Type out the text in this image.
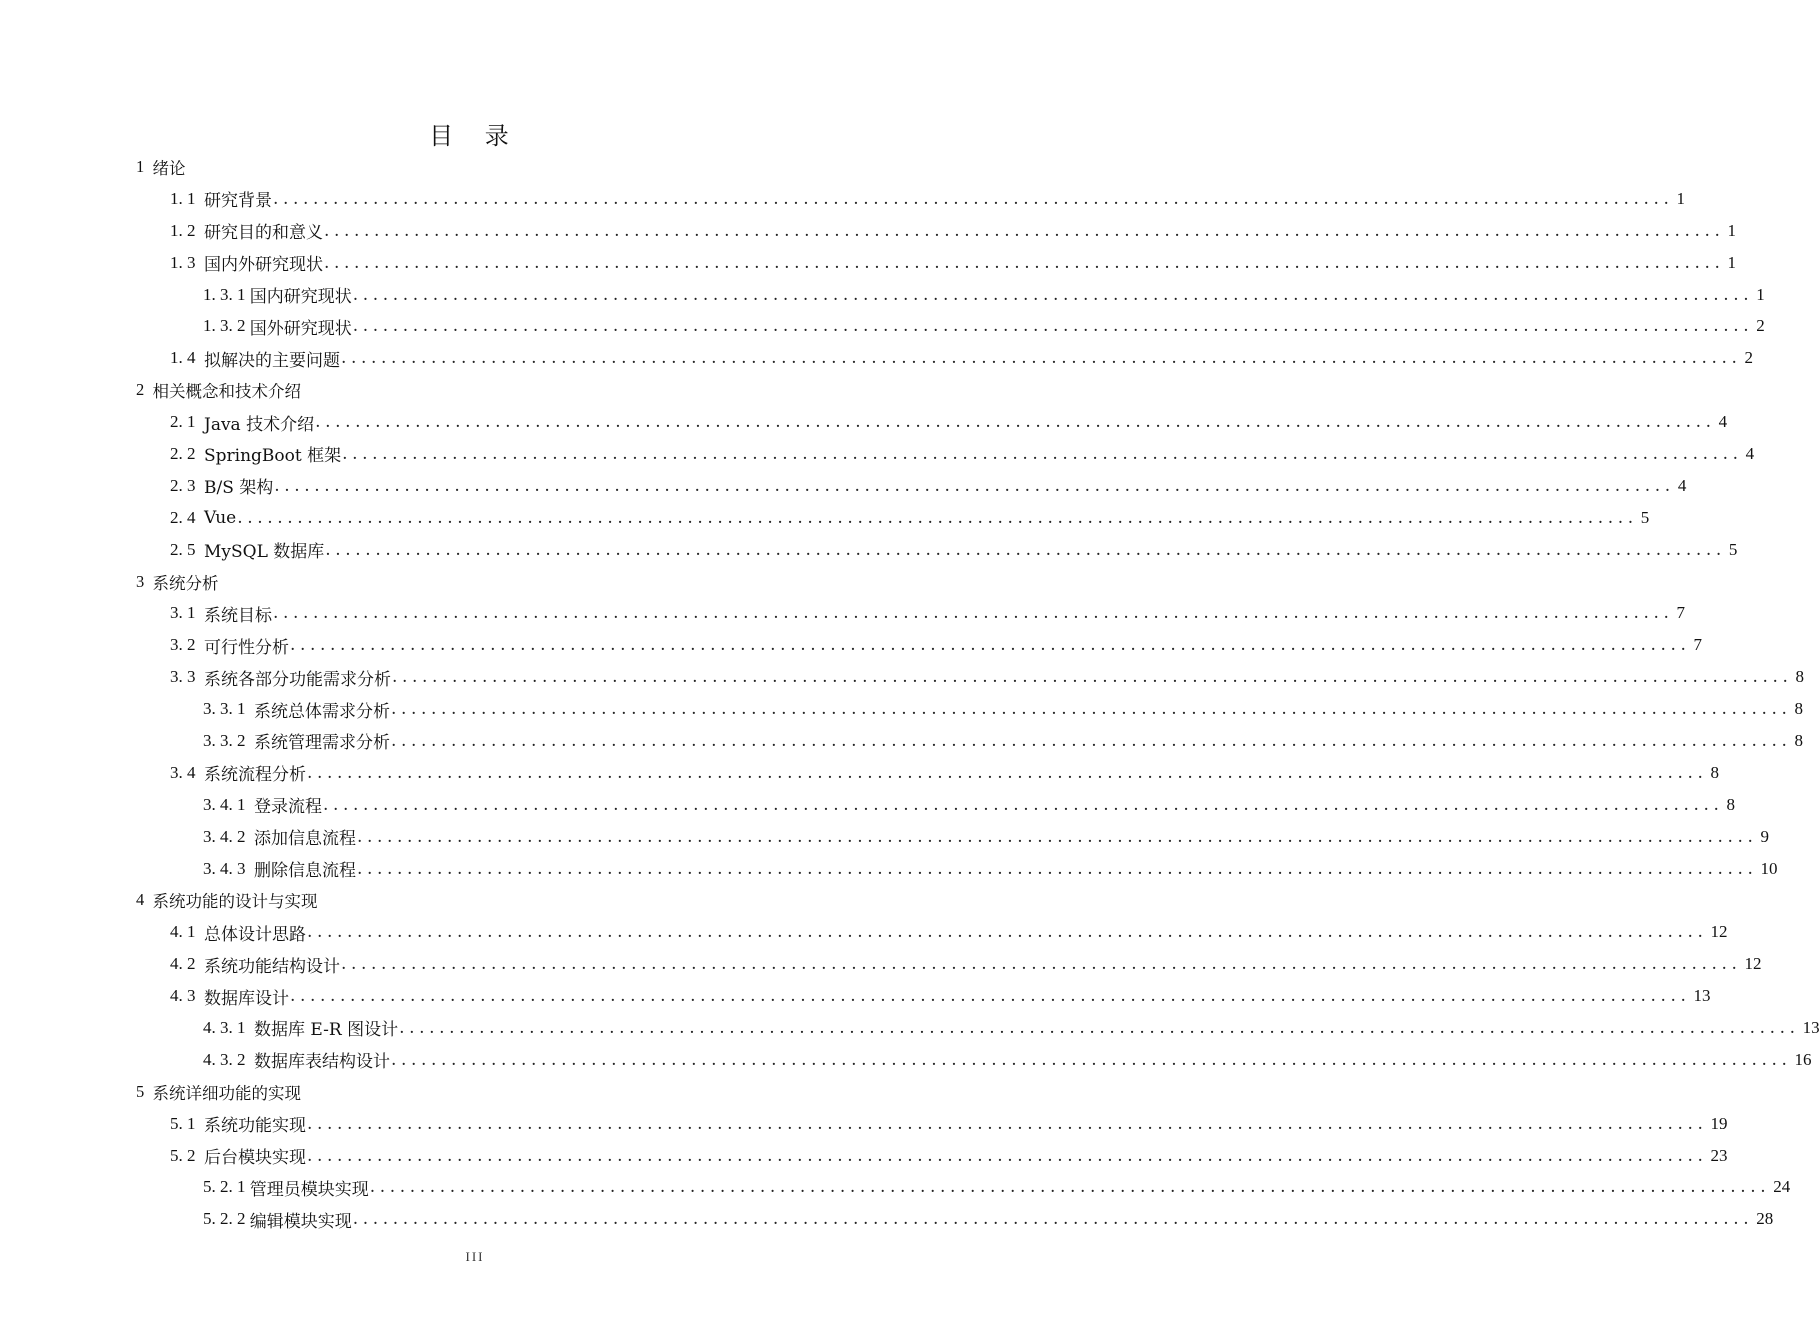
目 录
1 绪论
1. 1 研究背景 ............................................................................................................................................ 1
1. 2 研究目的和意义 ............................................................................................................................................ 1
1. 3 国内外研究现状 ............................................................................................................................................ 1
1. 3. 1 国内研究现状 ............................................................................................................................................ 1
1. 3. 2 国外研究现状 ............................................................................................................................................ 2
1. 4 拟解决的主要问题 ............................................................................................................................................ 2
2 相关概念和技术介绍
2. 1 Java 技术介绍 ............................................................................................................................................ 4
2. 2 SpringBoot 框架 ............................................................................................................................................ 4
2. 3 B/S 架构 ............................................................................................................................................ 4
2. 4 Vue ............................................................................................................................................ 5
2. 5 MySQL 数据库 ............................................................................................................................................ 5
3 系统分析
3. 1 系统目标 ............................................................................................................................................ 7
3. 2 可行性分析 ............................................................................................................................................ 7
3. 3 系统各部分功能需求分析 ............................................................................................................................................ 8
3. 3. 1 系统总体需求分析 ............................................................................................................................................ 8
3. 3. 2 系统管理需求分析 ............................................................................................................................................ 8
3. 4 系统流程分析 ............................................................................................................................................ 8
3. 4. 1 登录流程 ............................................................................................................................................ 8
3. 4. 2 添加信息流程 ............................................................................................................................................ 9
3. 4. 3 删除信息流程 ............................................................................................................................................ 10
4 系统功能的设计与实现
4. 1 总体设计思路 ............................................................................................................................................ 12
4. 2 系统功能结构设计 ............................................................................................................................................ 12
4. 3 数据库设计 ............................................................................................................................................ 13
4. 3. 1 数据库 E-R 图设计 ............................................................................................................................................ 13
4. 3. 2 数据库表结构设计 ............................................................................................................................................ 16
5 系统详细功能的实现
5. 1 系统功能实现 ............................................................................................................................................ 19
5. 2 后台模块实现 ............................................................................................................................................ 23
5. 2. 1 管理员模块实现 ............................................................................................................................................ 24
5. 2. 2 编辑模块实现 ............................................................................................................................................ 28
III
